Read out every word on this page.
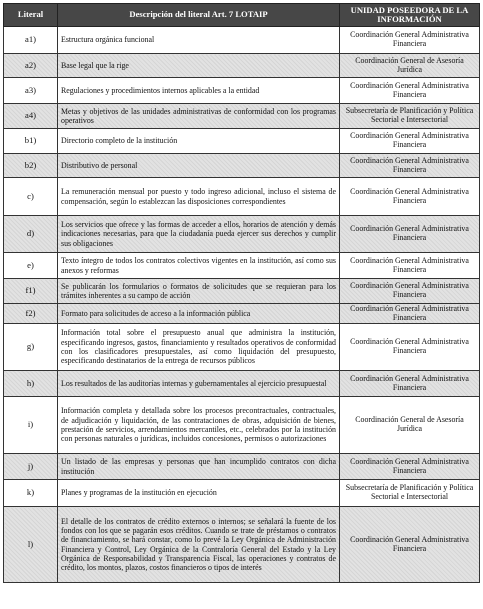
Literal	Descripción del literal Art. 7 LOTAIP	UNIDAD POSEEDORA DE LA INFORMACIÓN
a1)	Estructura orgánica funcional	Coordinación General Administrativa Financiera
a2)	Base legal que la rige	Coordinación General de Asesoría Jurídica
a3)	Regulaciones y procedimientos internos aplicables a la entidad	Coordinación General Administrativa Financiera
a4)	Metas y objetivos de las unidades administrativas de conformidad con los programas operativos	Subsecretaría de Planificación y Política Sectorial e Intersectorial
b1)	Directorio completo de la institución	Coordinación General Administrativa Financiera
b2)	Distributivo de personal	Coordinación General Administrativa Financiera
c)	La remuneración mensual por puesto y todo ingreso adicional, incluso el sistema de compensación, según lo establezcan las disposiciones correspondientes	Coordinación General Administrativa Financiera
d)	Los servicios que ofrece y las formas de acceder a ellos, horarios de atención y demás indicaciones necesarias, para que la ciudadanía pueda ejercer sus derechos y cumplir sus obligaciones	Coordinación General Administrativa Financiera
e)	Texto íntegro de todos los contratos colectivos vigentes en la institución, así como sus anexos y reformas	Coordinación General Administrativa Financiera
f1)	Se publicarán los formularios o formatos de solicitudes que se requieran para los trámites inherentes a su campo de acción	Coordinación General Administrativa Financiera
f2)	Formato para solicitudes de acceso a la información pública	Coordinación General Administrativa Financiera
g)	Información total sobre el presupuesto anual que administra la institución, especificando ingresos, gastos, financiamiento y resultados operativos de conformidad con los clasificadores presupuestales, así como liquidación del presupuesto, especificando destinatarios de la entrega de recursos públicos	Coordinación General Administrativa Financiera
h)	Los resultados de las auditorías internas y gubernamentales al ejercicio presupuestal	Coordinación General Administrativa Financiera
i)	Información completa y detallada sobre los procesos precontractuales, contractuales, de adjudicación y liquidación, de las contrataciones de obras, adquisición de bienes, prestación de servicios, arrendamientos mercantiles, etc., celebrados por la institución con personas naturales o jurídicas, incluidos concesiones, permisos o autorizaciones	Coordinación General de Asesoría Jurídica
j)	Un listado de las empresas y personas que han incumplido contratos con dicha institución	Coordinación General Administrativa Financiera
k)	Planes y programas de la institución en ejecución	Subsecretaría de Planificación y Política Sectorial e Intersectorial
l)	El detalle de los contratos de crédito externos o internos; se señalará la fuente de los fondos con los que se pagarán esos créditos. Cuando se trate de préstamos o contratos de financiamiento, se hará constar, como lo prevé la Ley Orgánica de Administración Financiera y Control, Ley Orgánica de la Contraloría General del Estado y la Ley Orgánica de Responsabilidad y Transparencia Fiscal, las operaciones y contratos de crédito, los montos, plazos, costos financieros o tipos de interés	Coordinación General Administrativa Financiera
